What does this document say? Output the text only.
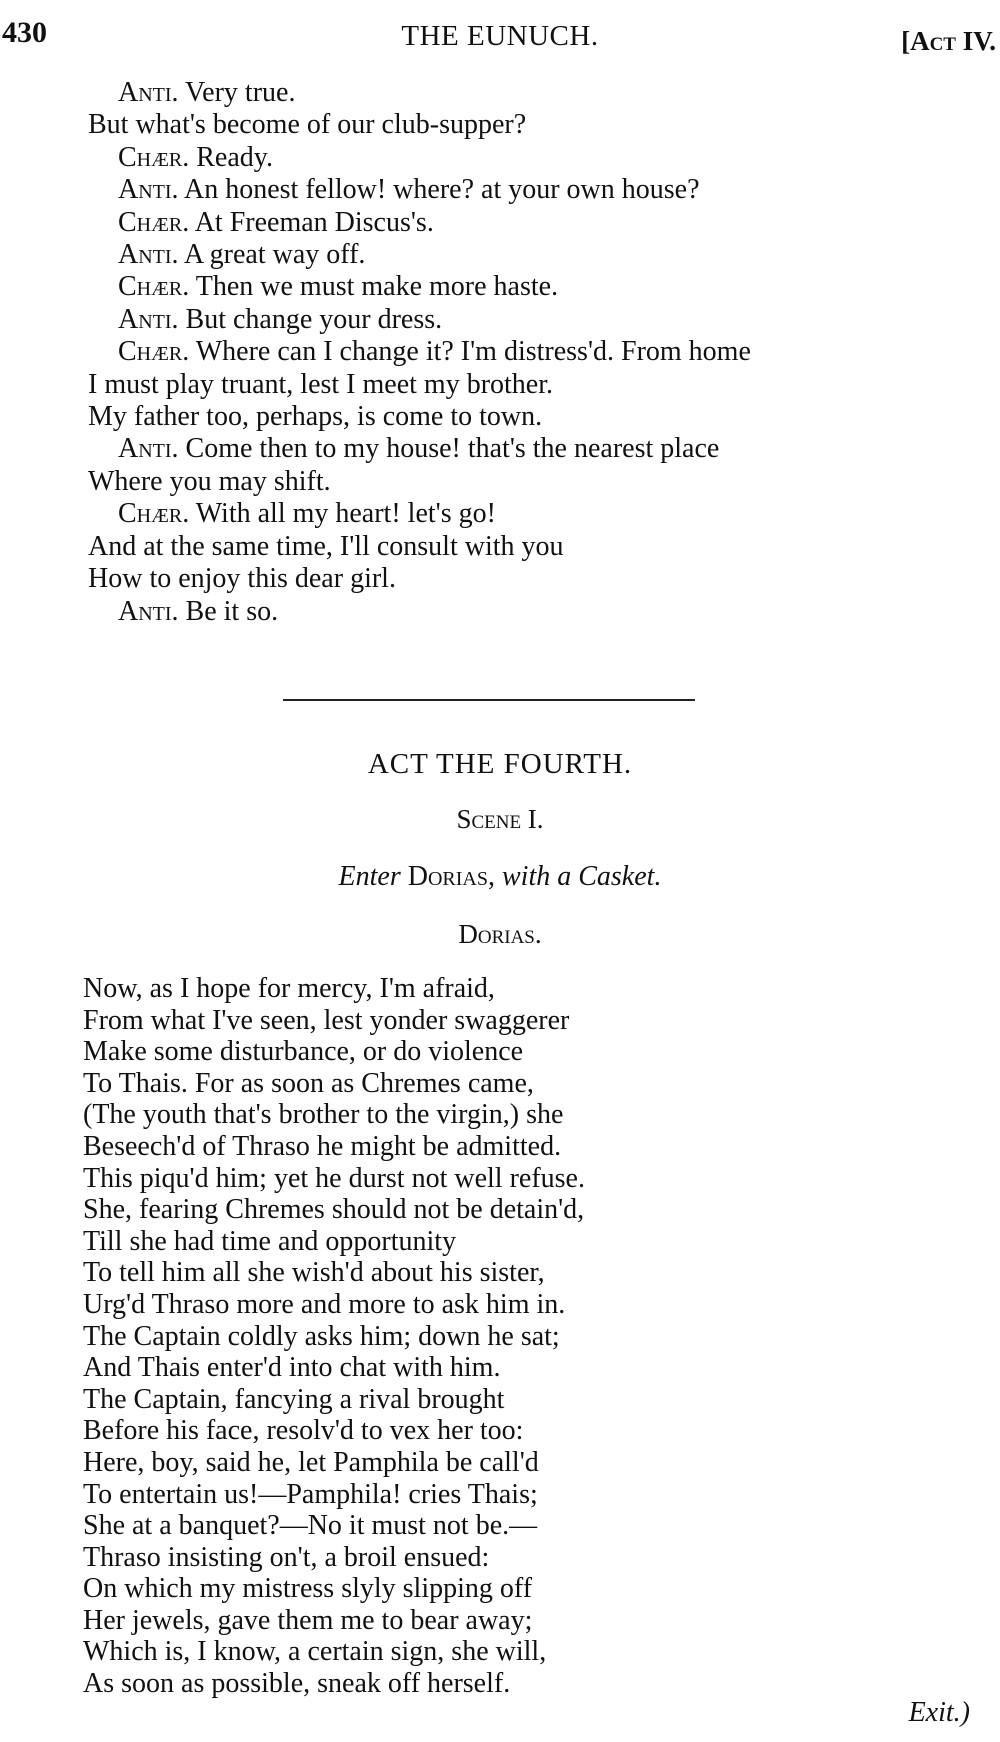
430	THE EUNUCH.	[Act IV.
Anti. Very true.
But what's become of our club-supper?
Chær. Ready.
Anti. An honest fellow! where? at your own house?
Chær. At Freeman Discus's.
Anti. A great way off.
Chær. Then we must make more haste.
Anti. But change your dress.
Chær. Where can I change it? I'm distress'd. From home
I must play truant, lest I meet my brother.
My father too, perhaps, is come to town.
Anti. Come then to my house! that's the nearest place
Where you may shift.
Chær. With all my heart! let's go!
And at the same time, I'll consult with you
How to enjoy this dear girl.
Anti. Be it so.
ACT THE FOURTH.
Scene I.
Enter Dorias, with a Casket.
Dorias.
Now, as I hope for mercy, I'm afraid,
From what I've seen, lest yonder swaggerer
Make some disturbance, or do violence
To Thais. For as soon as Chremes came,
(The youth that's brother to the virgin,) she
Beseech'd of Thraso he might be admitted.
This piqu'd him; yet he durst not well refuse.
She, fearing Chremes should not be detain'd,
Till she had time and opportunity
To tell him all she wish'd about his sister,
Urg'd Thraso more and more to ask him in.
The Captain coldly asks him; down he sat;
And Thais enter'd into chat with him.
The Captain, fancying a rival brought
Before his face, resolv'd to vex her too:
Here, boy, said he, let Pamphila be call'd
To entertain us!—Pamphila! cries Thais;
She at a banquet?—No it must not be.—
Thraso insisting on't, a broil ensued:
On which my mistress slyly slipping off
Her jewels, gave them me to bear away;
Which is, I know, a certain sign, she will,
As soon as possible, sneak off herself.
Exit.)
